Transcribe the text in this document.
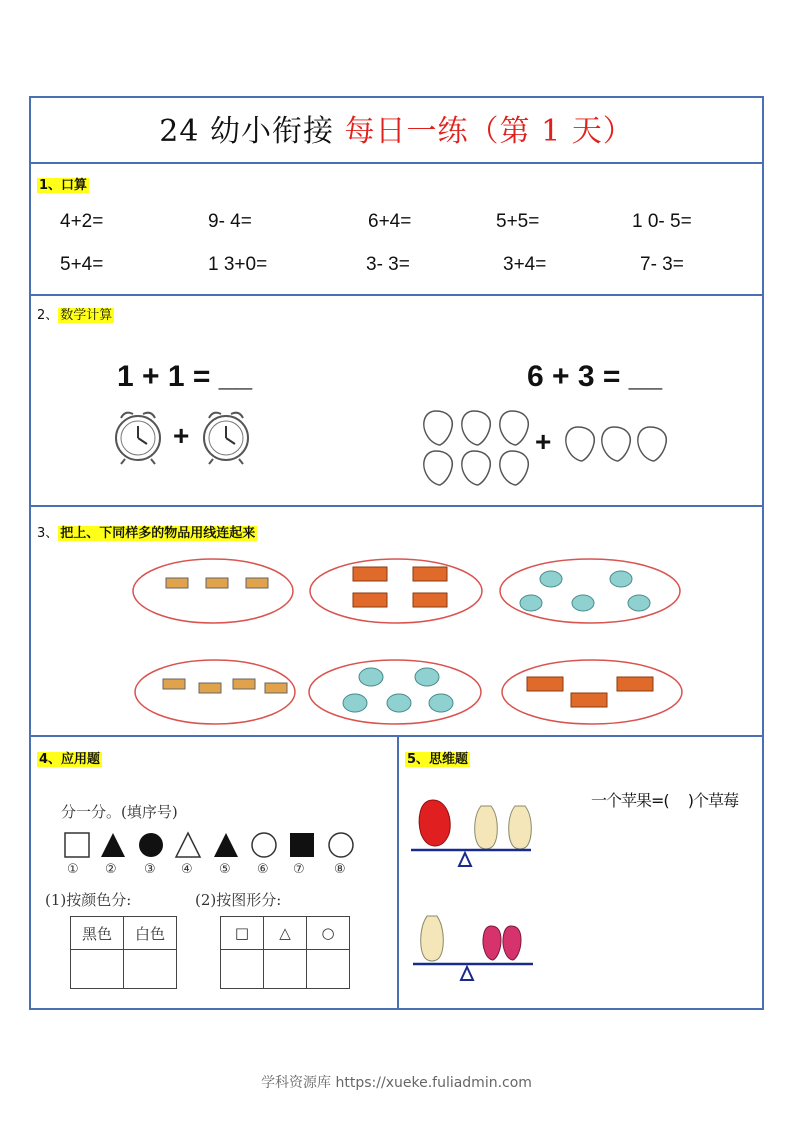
24 幼小衔接 每日一练（第 1 天）
1、口算
4+2=	9- 4=	6+4=	5+5=	1 0- 5=
5+4=	1 3+0=	3- 3=	3+4=	7- 3=
2、 数学计算
1 + 1 = __	6 + 3 = __
+	+
3、 把上、下同样多的物品用线连起来
4、应用题
分一分。(填序号)
① ② ③ ④ ⑤ ⑥ ⑦ ⑧
(1)按颜色分:	(2)按图形分:
黑色	白色
		□	△	○

5、思维题
一个苹果=(　 )个草莓
学科资源库 https://xueke.fuliadmin.com
